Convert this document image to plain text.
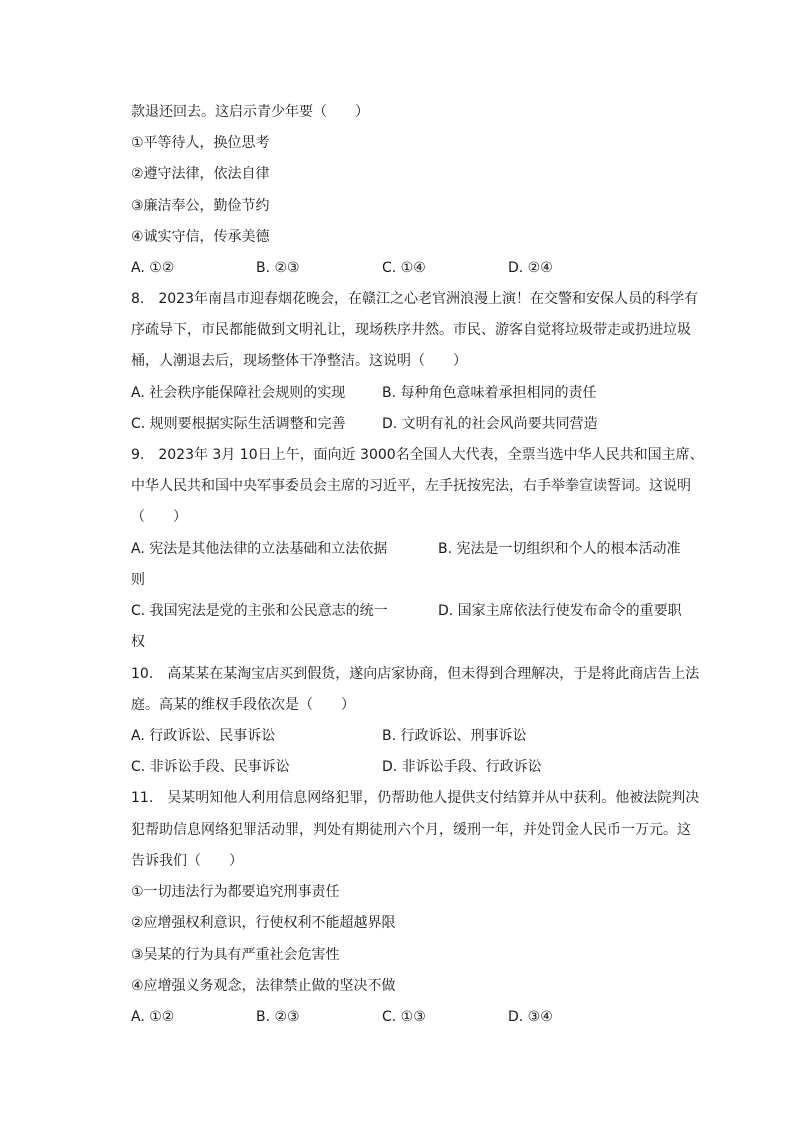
款退还回去。这启示青少年要（　　）
①平等待人，换位思考
②遵守法律，依法自律
③廉洁奉公，勤俭节约
④诚实守信，传承美德
A. ①②	B. ②③	C. ①④	D. ②④
8.　2023年南昌市迎春烟花晚会，在赣江之心老官洲浪漫上演！在交警和安保人员的科学有
序疏导下，市民都能做到文明礼让，现场秩序井然。市民、游客自觉将垃圾带走或扔进垃圾
桶，人潮退去后，现场整体干净整洁。这说明（　　）
A. 社会秩序能保障社会规则的实现	B. 每种角色意味着承担相同的责任
C. 规则要根据实际生活调整和完善	D. 文明有礼的社会风尚要共同营造
9.　2023年 3月 10日上午，面向近 3000名全国人大代表，全票当选中华人民共和国主席、
中华人民共和国中央军事委员会主席的习近平，左手抚按宪法，右手举拳宣读誓词。这说明
（　　）
A. 宪法是其他法律的立法基础和立法依据	B. 宪法是一切组织和个人的根本活动准
则
C. 我国宪法是党的主张和公民意志的统一	D. 国家主席依法行使发布命令的重要职
权
10.　高某某在某淘宝店买到假货，遂向店家协商，但未得到合理解决，于是将此商店告上法
庭。高某的维权手段依次是（　　）
A. 行政诉讼、民事诉讼	B. 行政诉讼、刑事诉讼
C. 非诉讼手段、民事诉讼	D. 非诉讼手段、行政诉讼
11.　吴某明知他人利用信息网络犯罪，仍帮助他人提供支付结算并从中获利。他被法院判决
犯帮助信息网络犯罪活动罪，判处有期徒刑六个月，缓刑一年，并处罚金人民币一万元。这
告诉我们（　　）
①一切违法行为都要追究刑事责任
②应增强权利意识，行使权利不能超越界限
③吴某的行为具有严重社会危害性
④应增强义务观念，法律禁止做的坚决不做
A. ①②	B. ②③	C. ①③	D. ③④
